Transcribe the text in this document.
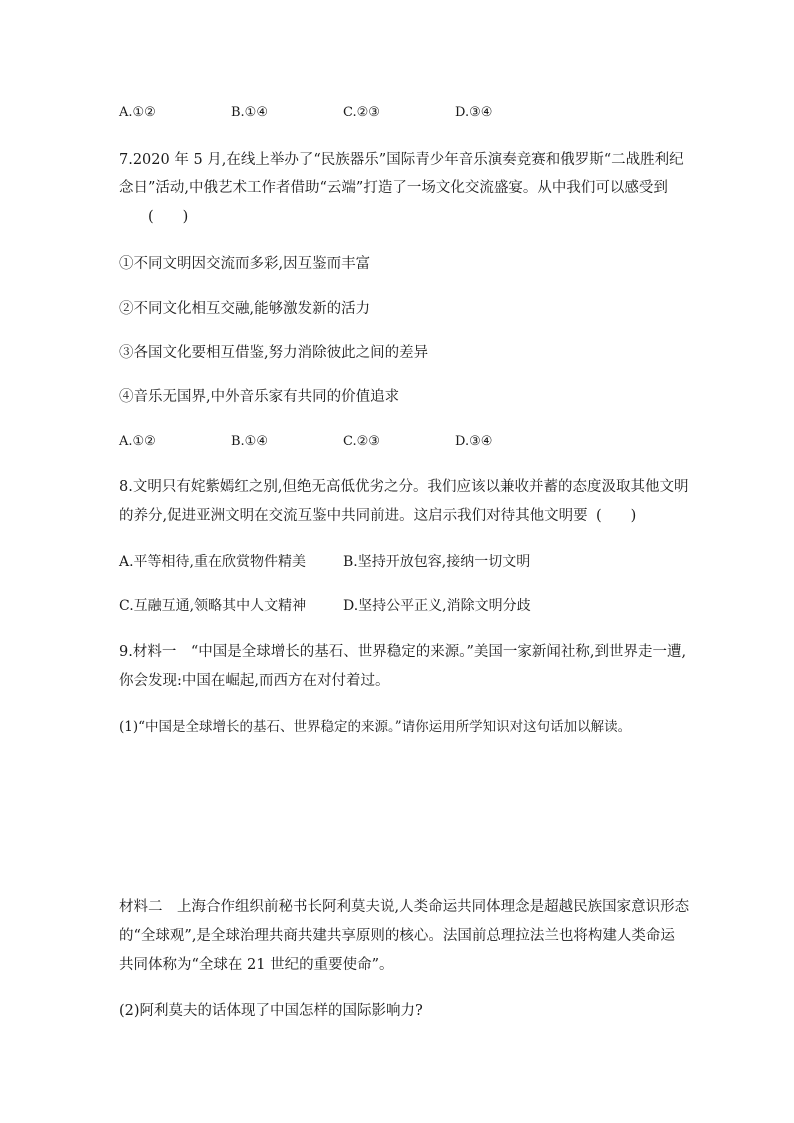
A.①②	B.①④	C.②③	D.③④
7.2020 年 5 月,在线上举办了“民族器乐”国际青少年音乐演奏竞赛和俄罗斯“二战胜利纪
念日”活动,中俄艺术工作者借助“云端”打造了一场文化交流盛宴。从中我们可以感受到
(　　)
①不同文明因交流而多彩,因互鉴而丰富
②不同文化相互交融,能够激发新的活力
③各国文化要相互借鉴,努力消除彼此之间的差异
④音乐无国界,中外音乐家有共同的价值追求
A.①②	B.①④	C.②③	D.③④
8.文明只有姹紫嫣红之别,但绝无高低优劣之分。我们应该以兼收并蓄的态度汲取其他文明
的养分,促进亚洲文明在交流互鉴中共同前进。这启示我们对待其他文明要 (　　)
A.平等相待,重在欣赏物件精美	B.坚持开放包容,接纳一切文明
C.互融互通,领略其中人文精神	D.坚持公平正义,消除文明分歧
9.材料一　“中国是全球增长的基石、世界稳定的来源。”美国一家新闻社称,到世界走一遭,
你会发现:中国在崛起,而西方在对付着过。
(1)“中国是全球增长的基石、世界稳定的来源。”请你运用所学知识对这句话加以解读。
材料二　上海合作组织前秘书长阿利莫夫说,人类命运共同体理念是超越民族国家意识形态
的“全球观”,是全球治理共商共建共享原则的核心。法国前总理拉法兰也将构建人类命运
共同体称为“全球在 21 世纪的重要使命”。
(2)阿利莫夫的话体现了中国怎样的国际影响力?
